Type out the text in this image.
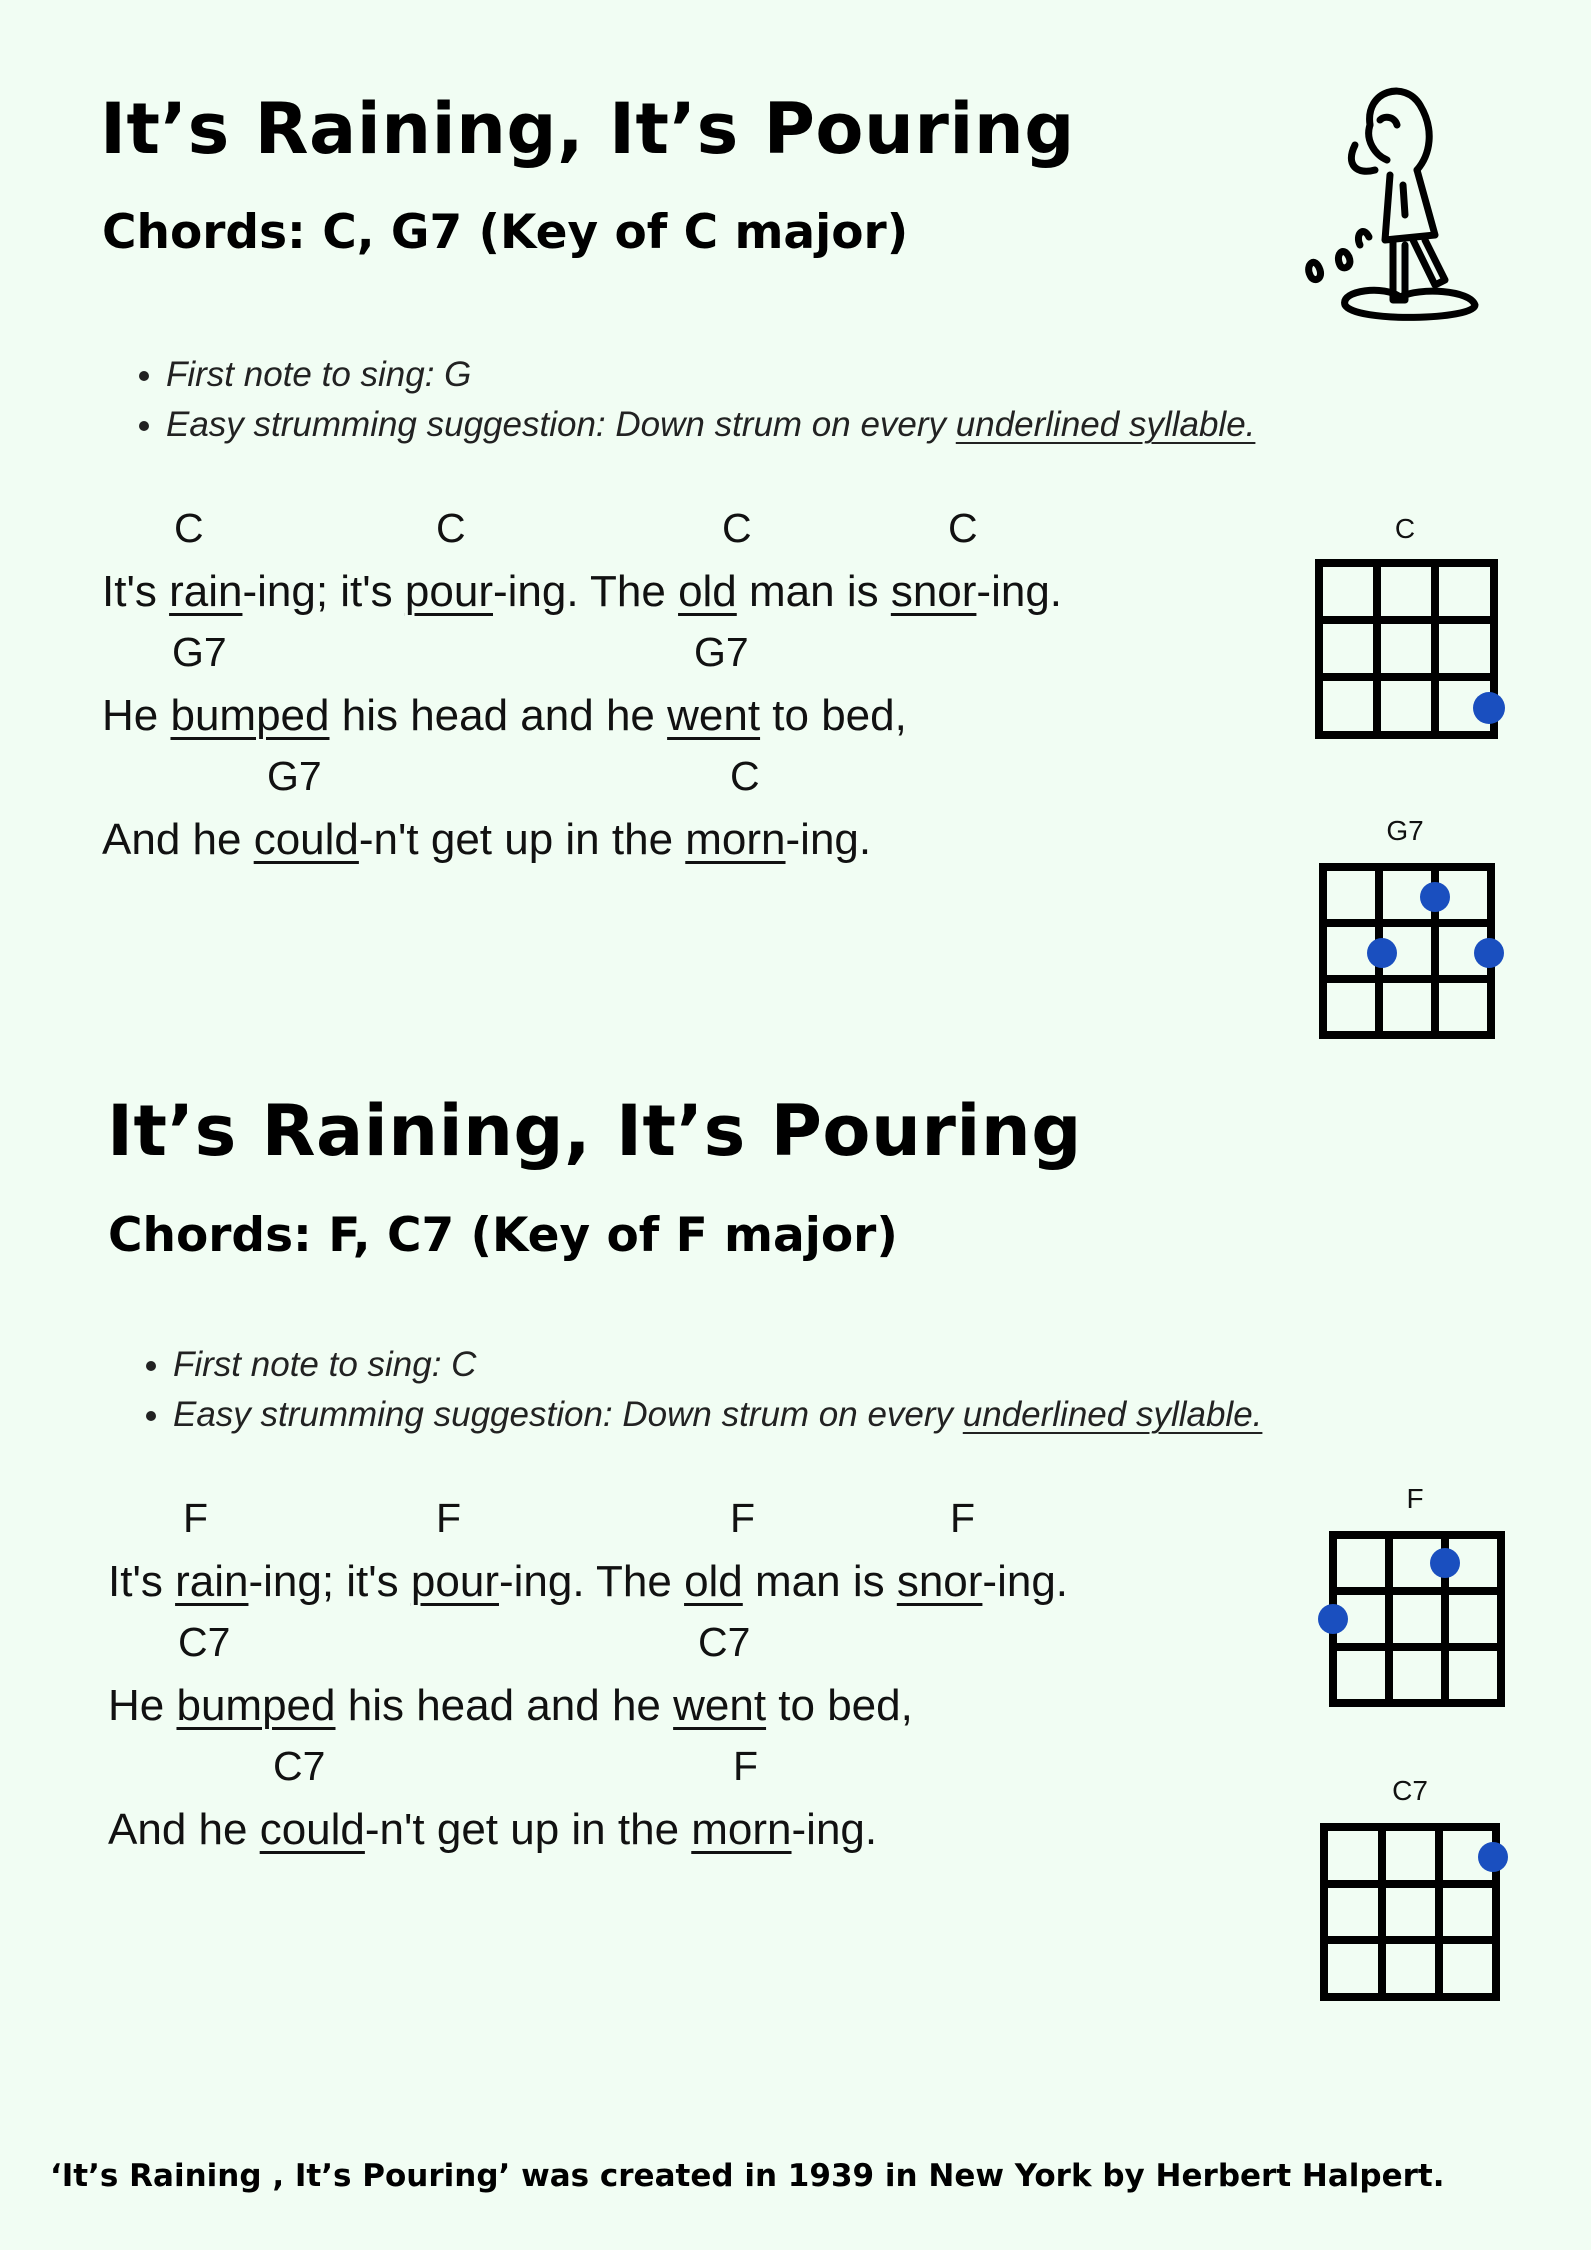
It’s Raining, It’s Pouring
Chords: C, G7 (Key of C major)
• First note to sing: G
• Easy strumming suggestion: Down strum on every underlined syllable.
C	C	C	C
It's rain-ing; it's pour-ing. The old man is snor-ing.
G7	G7
He bumped his head and he went to bed,
G7	C
And he could-n't get up in the morn-ing.
C
G7
It’s Raining, It’s Pouring
Chords: F, C7 (Key of F major)
• First note to sing: C
• Easy strumming suggestion: Down strum on every underlined syllable.
F	F	F	F
It's rain-ing; it's pour-ing. The old man is snor-ing.
C7	C7
He bumped his head and he went to bed,
C7	F
And he could-n't get up in the morn-ing.
F
C7

‘It’s Raining , It’s Pouring’ was created in 1939 in New York by Herbert Halpert.
